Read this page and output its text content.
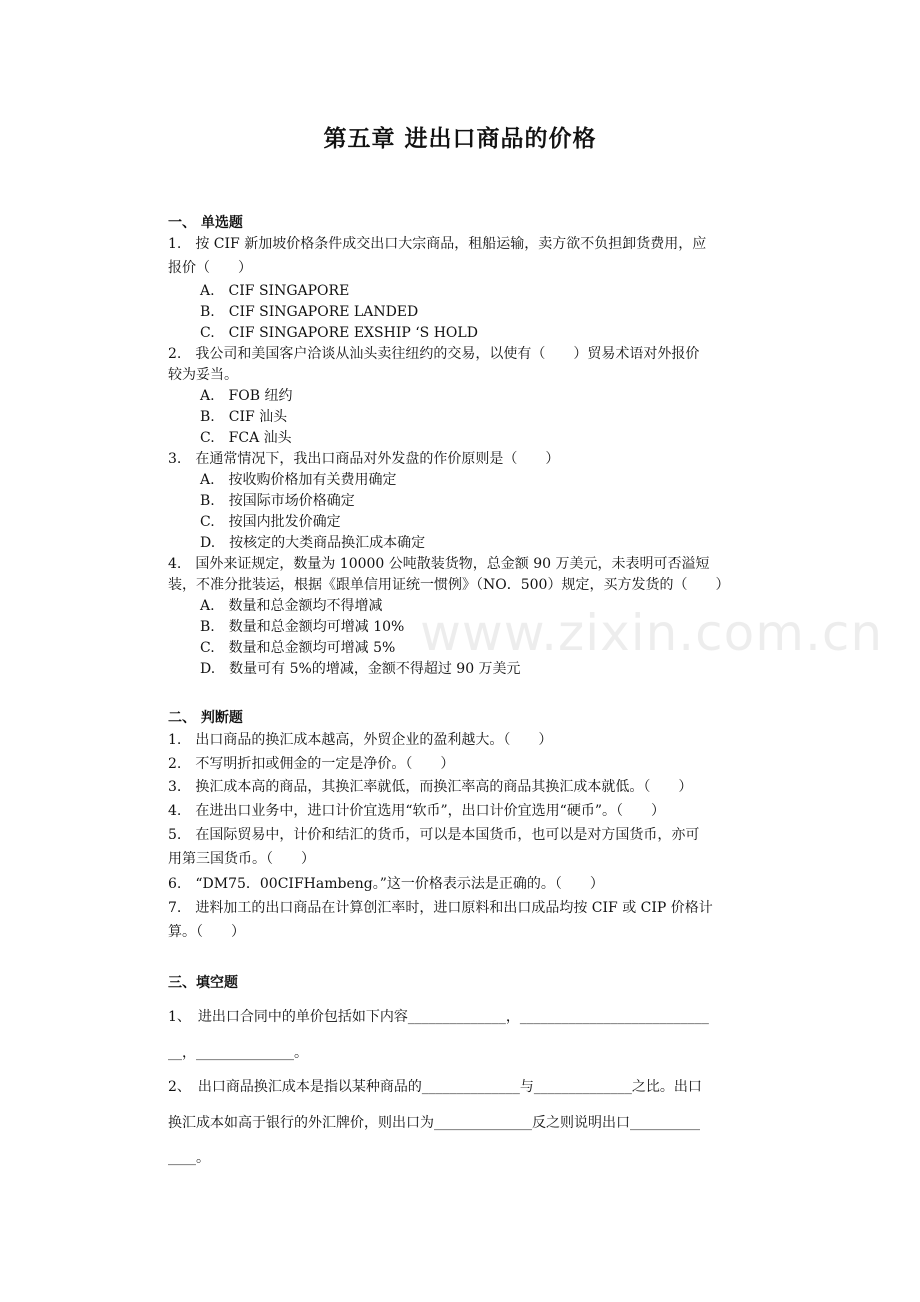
第五章 进出口商品的价格
一、 单选题
1.　按 CIF 新加坡价格条件成交出口大宗商品，租船运输，卖方欲不负担卸货费用，应
报价（　　）
A.　CIF SINGAPORE
B.　CIF SINGAPORE LANDED
C.　CIF SINGAPORE EXSHIP ‘S HOLD
2.　我公司和美国客户洽谈从汕头卖往纽约的交易，以使有（　　）贸易术语对外报价
较为妥当。
A.　FOB 纽约
B.　CIF 汕头
C.　FCA 汕头
3.　在通常情况下，我出口商品对外发盘的作价原则是（　　）
A.　按收购价格加有关费用确定
B.　按国际市场价格确定
C.　按国内批发价确定
D.　按核定的大类商品换汇成本确定
4.　国外来证规定，数量为 10000 公吨散装货物，总金额 90 万美元，未表明可否溢短
装，不准分批装运，根据《跟单信用证统一惯例》（NO．500）规定，买方发货的（　　）
A.　数量和总金额均不得增减
B.　数量和总金额均可增减 10%
C.　数量和总金额均可增减 5%
D.　数量可有 5%的增减，金额不得超过 90 万美元
二、 判断题
1.　出口商品的换汇成本越高，外贸企业的盈利越大。（　　）
2.　不写明折扣或佣金的一定是净价。（　　）
3.　换汇成本高的商品，其换汇率就低，而换汇率高的商品其换汇成本就低。（　　）
4.　在进出口业务中，进口计价宜选用“软币”，出口计价宜选用“硬币”。（　　）
5.　在国际贸易中，计价和结汇的货币，可以是本国货币，也可以是对方国货币，亦可
用第三国货币。（　　）
6.　“DM75．00CIFHambeng。”这一价格表示法是正确的。（　　）
7.　进料加工的出口商品在计算创汇率时，进口原料和出口成品均按 CIF 或 CIP 价格计
算。（　　）
三、填空题
1、　进出口合同中的单价包括如下内容______________，___________________________
__，______________。
2、　出口商品换汇成本是指以某种商品的______________与______________之比。出口
换汇成本如高于银行的外汇牌价，则出口为______________反之则说明出口__________
____。
www.zixin.com.cn
